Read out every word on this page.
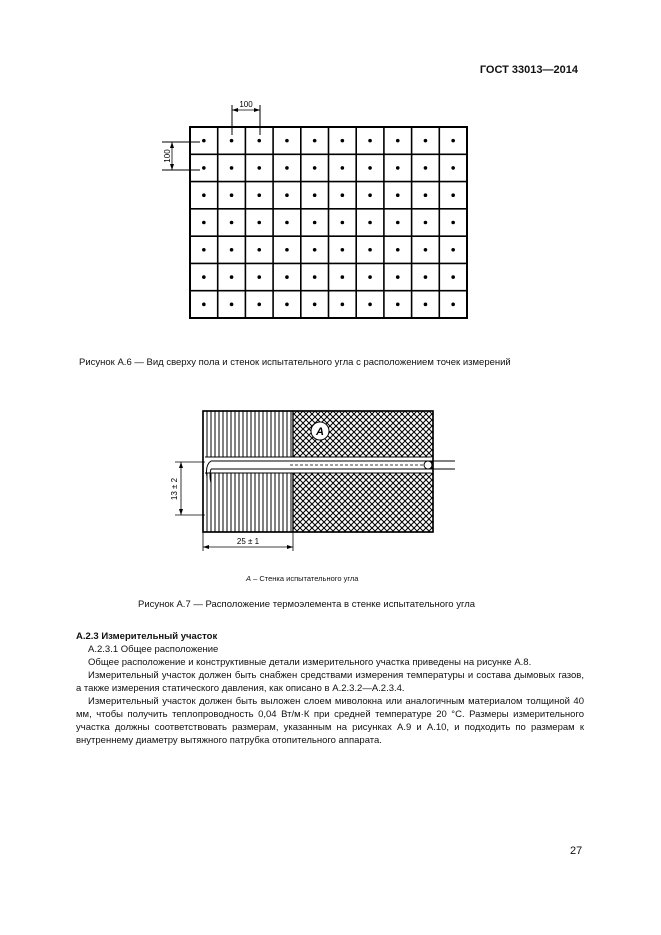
ГОСТ 33013—2014
100
100
Рисунок А.6 — Вид сверху пола и стенок испытательного угла с расположением точек измерений
A
13 ± 2
25 ± 1
A – Стенка испытательного угла
Рисунок А.7 — Расположение термоэлемента в стенке испытательного угла

А.2.3 Измерительный участок

А.2.3.1 Общее расположение

Общее расположение и конструктивные детали измерительного участка приведены на рисунке А.8.

Измерительный участок должен быть снабжен средствами измерения температуры и состава дымовых газов, а также измерения статического давления, как описано в А.2.3.2—А.2.3.4.

Измерительный участок должен быть выложен слоем миволокна или аналогичным материалом толщиной 40 мм, чтобы получить теплопроводность 0,04 Вт/м·К при средней температуре 20 °С. Размеры измерительного участка должны соответствовать размерам, указанным на рисунках А.9 и А.10, и подходить по размерам к внутреннему диаметру вытяжного патрубка отопительного аппарата.

27
